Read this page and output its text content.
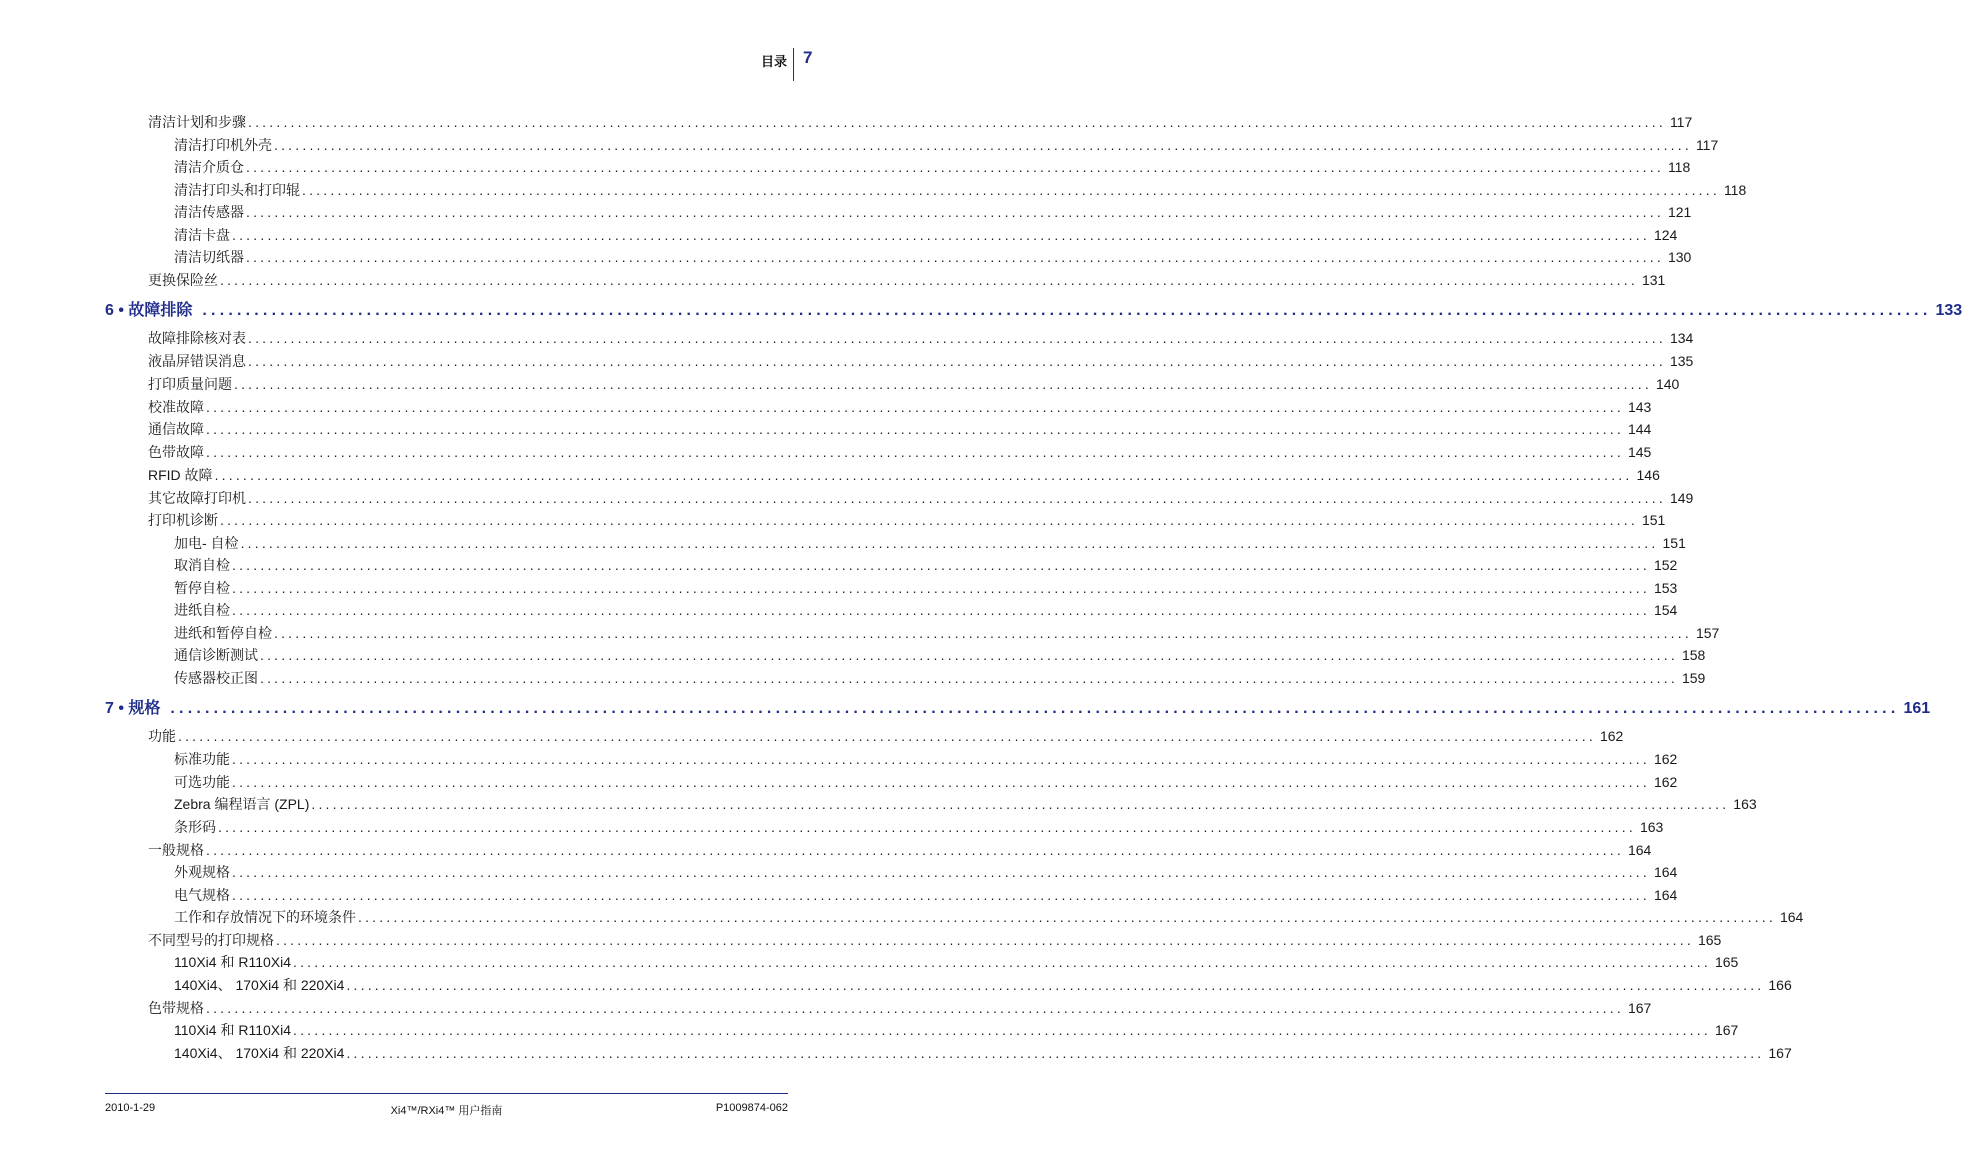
目录 7
清洁计划和步骤 ........................................................................................................................................................................................................ 117
清洁打印机外壳 ........................................................................................................................................................................................................ 117
清洁介质仓 ........................................................................................................................................................................................................ 118
清洁打印头和打印辊 ........................................................................................................................................................................................................ 118
清洁传感器 ........................................................................................................................................................................................................ 121
清洁卡盘 ........................................................................................................................................................................................................ 124
清洁切纸器 ........................................................................................................................................................................................................ 130
更换保险丝 ........................................................................................................................................................................................................ 131
6 • 故障排除 ........................................................................................................................................................................................................ 133
故障排除核对表 ........................................................................................................................................................................................................ 134
液晶屏错误消息 ........................................................................................................................................................................................................ 135
打印质量问题 ........................................................................................................................................................................................................ 140
校准故障 ........................................................................................................................................................................................................ 143
通信故障 ........................................................................................................................................................................................................ 144
色带故障 ........................................................................................................................................................................................................ 145
RFID 故障 ........................................................................................................................................................................................................ 146
其它故障打印机 ........................................................................................................................................................................................................ 149
打印机诊断 ........................................................................................................................................................................................................ 151
加电- 自检 ........................................................................................................................................................................................................ 151
取消自检 ........................................................................................................................................................................................................ 152
暂停自检 ........................................................................................................................................................................................................ 153
进纸自检 ........................................................................................................................................................................................................ 154
进纸和暂停自检 ........................................................................................................................................................................................................ 157
通信诊断测试 ........................................................................................................................................................................................................ 158
传感器校正图 ........................................................................................................................................................................................................ 159
7 • 规格 ........................................................................................................................................................................................................ 161
功能 ........................................................................................................................................................................................................ 162
标准功能 ........................................................................................................................................................................................................ 162
可选功能 ........................................................................................................................................................................................................ 162
Zebra 编程语言 (ZPL) ........................................................................................................................................................................................................ 163
条形码 ........................................................................................................................................................................................................ 163
一般规格 ........................................................................................................................................................................................................ 164
外观规格 ........................................................................................................................................................................................................ 164
电气规格 ........................................................................................................................................................................................................ 164
工作和存放情况下的环境条件 ........................................................................................................................................................................................................ 164
不同型号的打印规格 ........................................................................................................................................................................................................ 165
110Xi4 和 R110Xi4 ........................................................................................................................................................................................................ 165
140Xi4、 170Xi4 和 220Xi4 ........................................................................................................................................................................................................ 166
色带规格 ........................................................................................................................................................................................................ 167
110Xi4 和 R110Xi4 ........................................................................................................................................................................................................ 167
140Xi4、 170Xi4 和 220Xi4 ........................................................................................................................................................................................................ 167
2010-1-29	Xi4™/RXi4™ 用户指南	P1009874-062
